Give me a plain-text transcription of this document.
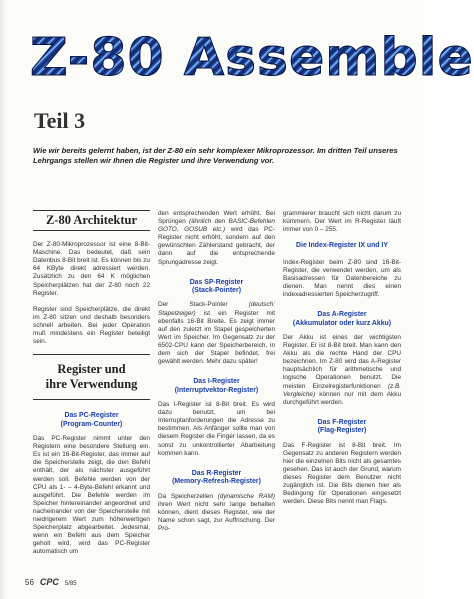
Z-80 Assemble
Teil 3
Wie wir bereits gelernt haben, ist der Z-80 ein sehr komplexer Mikroprozessor. Im dritten Teil unseres Lehrgangs stellen wir Ihnen die Register und ihre Verwendung vor.
Z-80 Architektur

Der Z-80-Mikroprozessor ist eine 8-Bit-Maschine. Das bedeutet, daß sein Datenbus 8-Bit breit ist. Es können bis zu 64 KByte direkt adressiert werden. Zusätzlich zu den 64 K möglichen Speicherplätzen hat der Z-80 noch 22 Register.

Register sind Speicherplätze, die direkt im Z-80 sitzen und deshalb besonders schnell arbeiten. Bei jeder Operation muß mindestens ein Register beteiligt sein.

Register und
ihre Verwendung
Das PC-Register
(Program-Counter)

Das PC-Register nimmt unter den Registern eine besondere Stellung ein. Es ist ein 16-Bit-Register, das immer auf die Speicherstelle zeigt, die den Befehl enthält, der als nächster ausgeführt werden soll. Befehle werden von der CPU als 1- – 4-Byte-Befehl erkannt und ausgeführt. Die Befehle werden im Speicher hintereinander angeordnet und nacheinander von der Speicherstelle mit niedrigerem Wert zum höherwertigen Speicherplatz abgearbeitet. Jedesmal, wenn ein Befehl aus dem Speicher geholt wird, wird das PC-Register automatisch um

den entsprechenden Wert erhöht. Bei Sprüngen (ähnlich den BASIC-Befehlen GOTO, GOSUB etc.) wird das PC-Register nicht erhöht, sondern auf den gewünschten Zählerstand gebracht, der dann auf die entsprechende Sprungadresse zeigt.

Das SP-Register
(Stack-Pointer)

Der Stack-Pointer (deutsch: Stapelzeiger) ist ein Register mit ebenfalls 16-Bit Breite. Es zeigt immer auf den zuletzt im Stapel gespeicherten Wert im Speicher. Im Gegensatz zu der 6502-CPU kann der Speicherbereich, in dem sich der Stapel befindet, frei gewählt werden. Mehr dazu später!

Das I-Register
(Interruptvektor-Register)

Das I-Register ist 8-Bit breit. Es wird dazu benutzt, um bei Interruptanforderungen die Adresse zu bestimmen. Als Anfänger sollte man von diesem Register die Finger lassen, da es sonst zu unkontrollierter Abarbeitung kommen kann.

Das R-Register
(Memory-Refresh-Register)

Da Speicherzellen (dynamische RAM) ihren Wert nicht sehr lange behalten können, dient dieses Register, wie der Name schon sagt, zur Auffrischung. Der Pro-

grammierer braucht sich nicht darum zu kümmern. Der Wert im R-Register läuft immer von 0 – 255.

Die Index-Register IX und IY

Index-Register beim Z-80 sind 16-Bit-Register, die verwendet werden, um als Basisadressen für Datenbereiche zu dienen. Man nennt dies einen indexadressierten Speicherzugriff.

Das A-Register
(Akkumulator oder kurz Akku)

Der Akku ist eines der wichtigsten Register. Er ist 8-Bit breit. Man kann den Akku als die rechte Hand der CPU bezeichnen. Im Z-80 wird das A-Register hauptsächlich für arithmetische und logische Operationen benutzt. Die meisten Einzelregisterfunktionen (z.B. Vergleiche) können nur mit dem Akku durchgeführt werden.

Das F-Register
(Flag-Register)

Das F-Register ist 8-Bit breit. Im Gegensatz zu anderen Registern werden hier die einzelnen Bits nicht als gesamtes gesehen. Das ist auch der Grund, warum dieses Register dem Benutzer nicht zugänglich ist. Die Bits dienen hier als Bedingung für Operationen eingesetzt werden. Diese Bits nennt man Flags.

56 CPC 5/85
